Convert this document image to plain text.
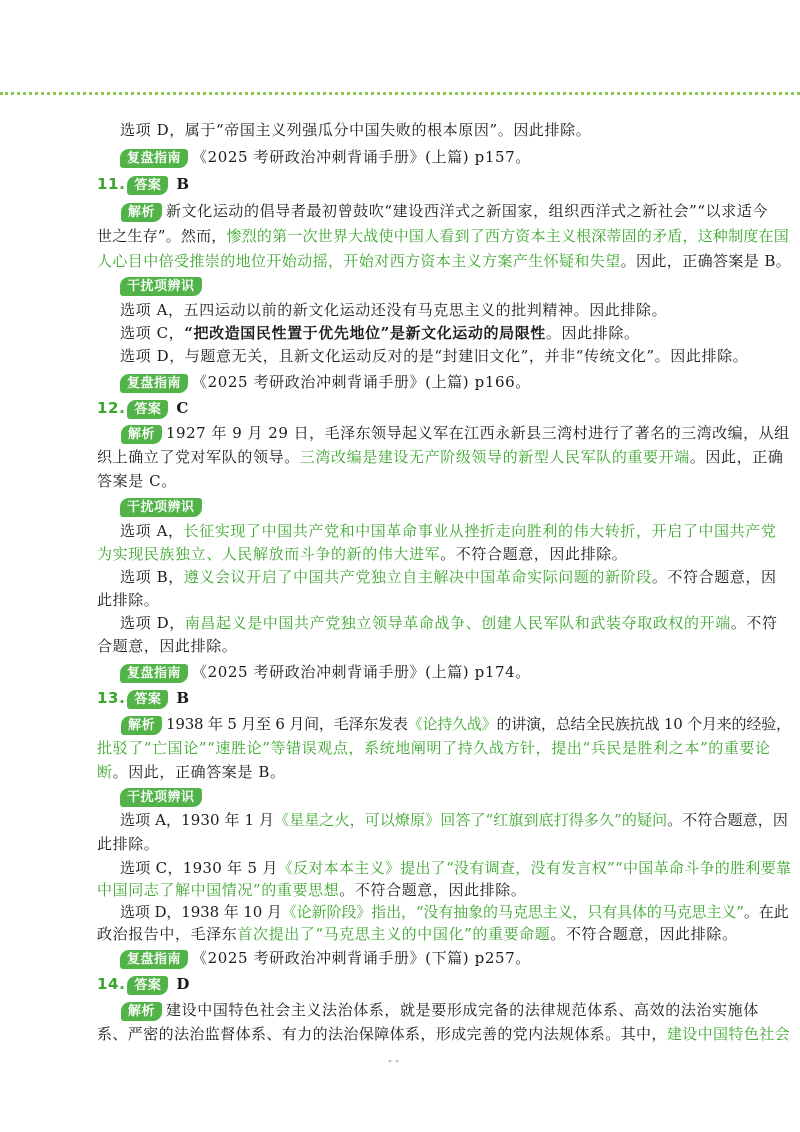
选项 D，属于“帝国主义列强瓜分中国失败的根本原因”。因此排除。
复盘指南 《2025 考研政治冲刺背诵手册》(上篇) p157。
11. 答案 B
解析 新文化运动的倡导者最初曾鼓吹“建设西洋式之新国家，组织西洋式之新社会”“以求适今
世之生存”。然而，惨烈的第一次世界大战使中国人看到了西方资本主义根深蒂固的矛盾，这种制度在国
人心目中倍受推崇的地位开始动摇，开始对西方资本主义方案产生怀疑和失望。因此，正确答案是 B。
干扰项辨识
选项 A，五四运动以前的新文化运动还没有马克思主义的批判精神。因此排除。
选项 C，“把改造国民性置于优先地位”是新文化运动的局限性。因此排除。
选项 D，与题意无关，且新文化运动反对的是“封建旧文化”，并非“传统文化”。因此排除。
复盘指南 《2025 考研政治冲刺背诵手册》(上篇) p166。
12. 答案 C
解析 1927 年 9 月 29 日，毛泽东领导起义军在江西永新县三湾村进行了著名的三湾改编，从组
织上确立了党对军队的领导。三湾改编是建设无产阶级领导的新型人民军队的重要开端。因此，正确
答案是 C。
干扰项辨识
选项 A，长征实现了中国共产党和中国革命事业从挫折走向胜利的伟大转折，开启了中国共产党
为实现民族独立、人民解放而斗争的新的伟大进军。不符合题意，因此排除。
选项 B，遵义会议开启了中国共产党独立自主解决中国革命实际问题的新阶段。不符合题意，因
此排除。
选项 D，南昌起义是中国共产党独立领导革命战争、创建人民军队和武装夺取政权的开端。不符
合题意，因此排除。
复盘指南 《2025 考研政治冲刺背诵手册》(上篇) p174。
13. 答案 B
解析 1938 年 5 月至 6 月间，毛泽东发表《论持久战》的讲演，总结全民族抗战 10 个月来的经验，
批驳了“亡国论”“速胜论”等错误观点，系统地阐明了持久战方针，提出“兵民是胜利之本”的重要论
断。因此，正确答案是 B。
干扰项辨识
选项 A，1930 年 1 月《星星之火，可以燎原》回答了“红旗到底打得多久”的疑问。不符合题意，因
此排除。
选项 C，1930 年 5 月《反对本本主义》提出了“没有调查，没有发言权”“中国革命斗争的胜利要靠
中国同志了解中国情况”的重要思想。不符合题意，因此排除。
选项 D，1938 年 10 月《论新阶段》指出，“没有抽象的马克思主义，只有具体的马克思主义”。在此
政治报告中，毛泽东首次提出了“马克思主义的中国化”的重要命题。不符合题意，因此排除。
复盘指南 《2025 考研政治冲刺背诵手册》(下篇) p257。
14. 答案 D
解析 建设中国特色社会主义法治体系，就是要形成完备的法律规范体系、高效的法治实施体
系、严密的法治监督体系、有力的法治保障体系，形成完善的党内法规体系。其中，建设中国特色社会
- -
